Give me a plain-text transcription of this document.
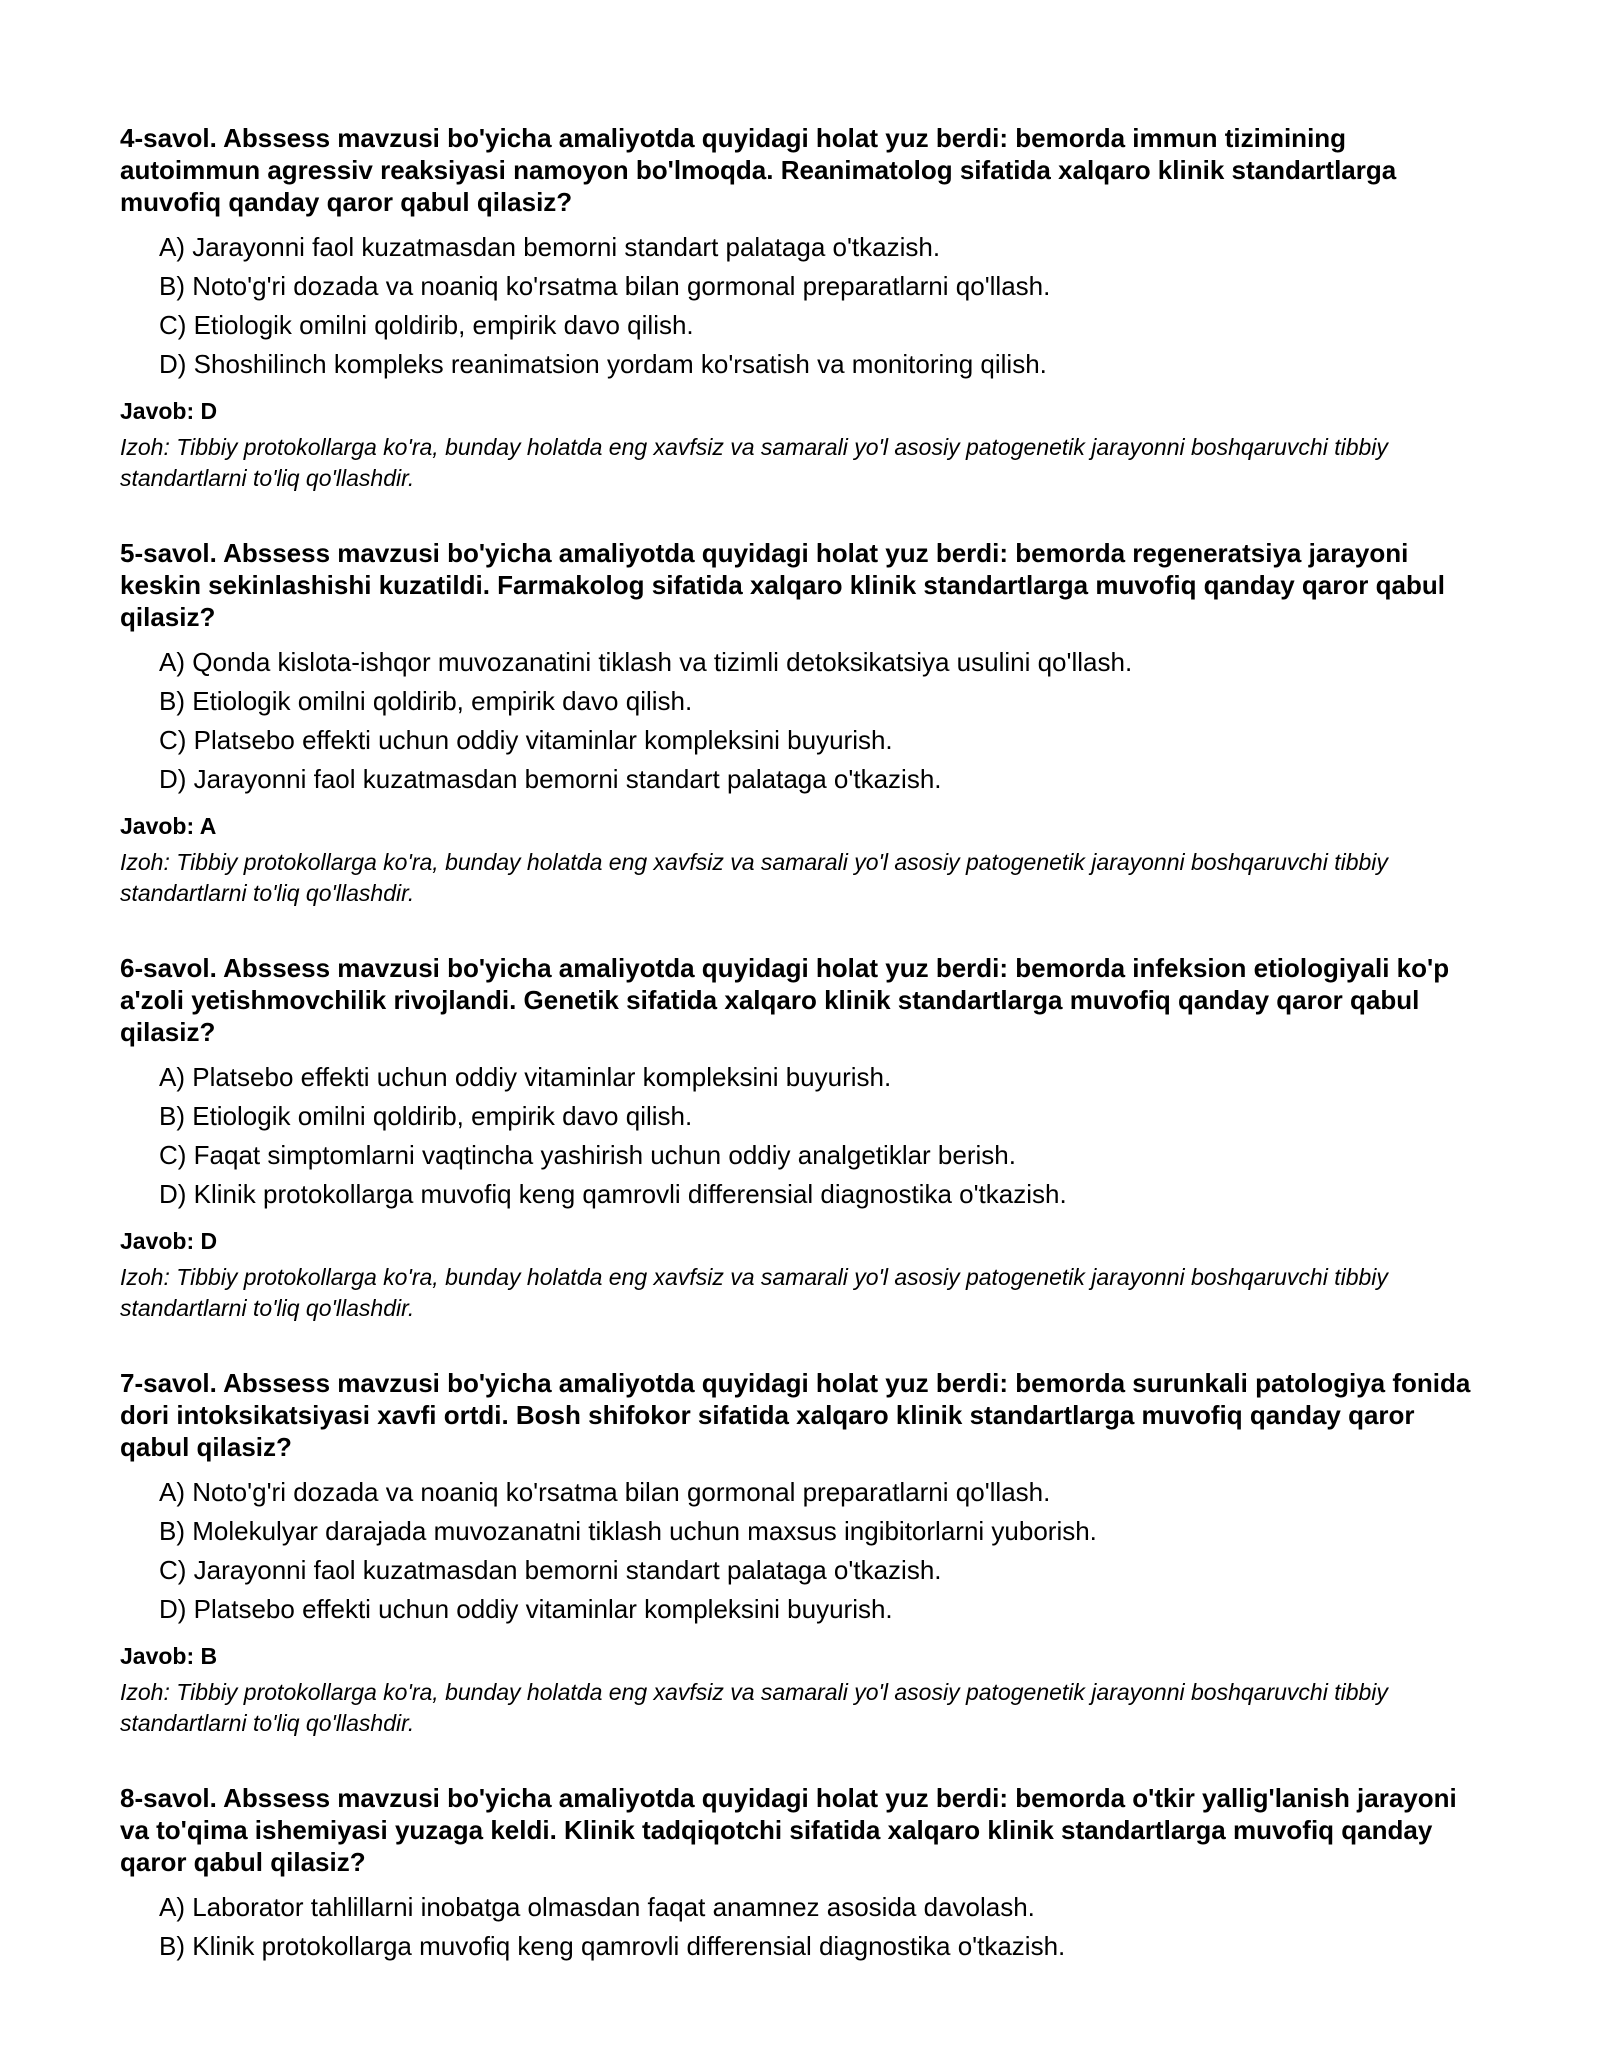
4-savol. Abssess mavzusi bo'yicha amaliyotda quyidagi holat yuz berdi: bemorda immun tizimining autoimmun agressiv reaksiyasi namoyon bo'lmoqda. Reanimatolog sifatida xalqaro klinik standartlarga muvofiq qanday qaror qabul qilasiz?
A) Jarayonni faol kuzatmasdan bemorni standart palataga o'tkazish.
B) Noto'g'ri dozada va noaniq ko'rsatma bilan gormonal preparatlarni qo'llash.
C) Etiologik omilni qoldirib, empirik davo qilish.
D) Shoshilinch kompleks reanimatsion yordam ko'rsatish va monitoring qilish.
Javob: D
Izoh: Tibbiy protokollarga ko'ra, bunday holatda eng xavfsiz va samarali yo'l asosiy patogenetik jarayonni boshqaruvchi tibbiy standartlarni to'liq qo'llashdir.
5-savol. Abssess mavzusi bo'yicha amaliyotda quyidagi holat yuz berdi: bemorda regeneratsiya jarayoni keskin sekinlashishi kuzatildi. Farmakolog sifatida xalqaro klinik standartlarga muvofiq qanday qaror qabul qilasiz?
A) Qonda kislota-ishqor muvozanatini tiklash va tizimli detoksikatsiya usulini qo'llash.
B) Etiologik omilni qoldirib, empirik davo qilish.
C) Platsebo effekti uchun oddiy vitaminlar kompleksini buyurish.
D) Jarayonni faol kuzatmasdan bemorni standart palataga o'tkazish.
Javob: A
Izoh: Tibbiy protokollarga ko'ra, bunday holatda eng xavfsiz va samarali yo'l asosiy patogenetik jarayonni boshqaruvchi tibbiy standartlarni to'liq qo'llashdir.
6-savol. Abssess mavzusi bo'yicha amaliyotda quyidagi holat yuz berdi: bemorda infeksion etiologiyali ko'p a'zoli yetishmovchilik rivojlandi. Genetik sifatida xalqaro klinik standartlarga muvofiq qanday qaror qabul qilasiz?
A) Platsebo effekti uchun oddiy vitaminlar kompleksini buyurish.
B) Etiologik omilni qoldirib, empirik davo qilish.
C) Faqat simptomlarni vaqtincha yashirish uchun oddiy analgetiklar berish.
D) Klinik protokollarga muvofiq keng qamrovli differensial diagnostika o'tkazish.
Javob: D
Izoh: Tibbiy protokollarga ko'ra, bunday holatda eng xavfsiz va samarali yo'l asosiy patogenetik jarayonni boshqaruvchi tibbiy standartlarni to'liq qo'llashdir.
7-savol. Abssess mavzusi bo'yicha amaliyotda quyidagi holat yuz berdi: bemorda surunkali patologiya fonida dori intoksikatsiyasi xavfi ortdi. Bosh shifokor sifatida xalqaro klinik standartlarga muvofiq qanday qaror qabul qilasiz?
A) Noto'g'ri dozada va noaniq ko'rsatma bilan gormonal preparatlarni qo'llash.
B) Molekulyar darajada muvozanatni tiklash uchun maxsus ingibitorlarni yuborish.
C) Jarayonni faol kuzatmasdan bemorni standart palataga o'tkazish.
D) Platsebo effekti uchun oddiy vitaminlar kompleksini buyurish.
Javob: B
Izoh: Tibbiy protokollarga ko'ra, bunday holatda eng xavfsiz va samarali yo'l asosiy patogenetik jarayonni boshqaruvchi tibbiy standartlarni to'liq qo'llashdir.
8-savol. Abssess mavzusi bo'yicha amaliyotda quyidagi holat yuz berdi: bemorda o'tkir yallig'lanish jarayoni va to'qima ishemiyasi yuzaga keldi. Klinik tadqiqotchi sifatida xalqaro klinik standartlarga muvofiq qanday qaror qabul qilasiz?
A) Laborator tahlillarni inobatga olmasdan faqat anamnez asosida davolash.
B) Klinik protokollarga muvofiq keng qamrovli differensial diagnostika o'tkazish.
